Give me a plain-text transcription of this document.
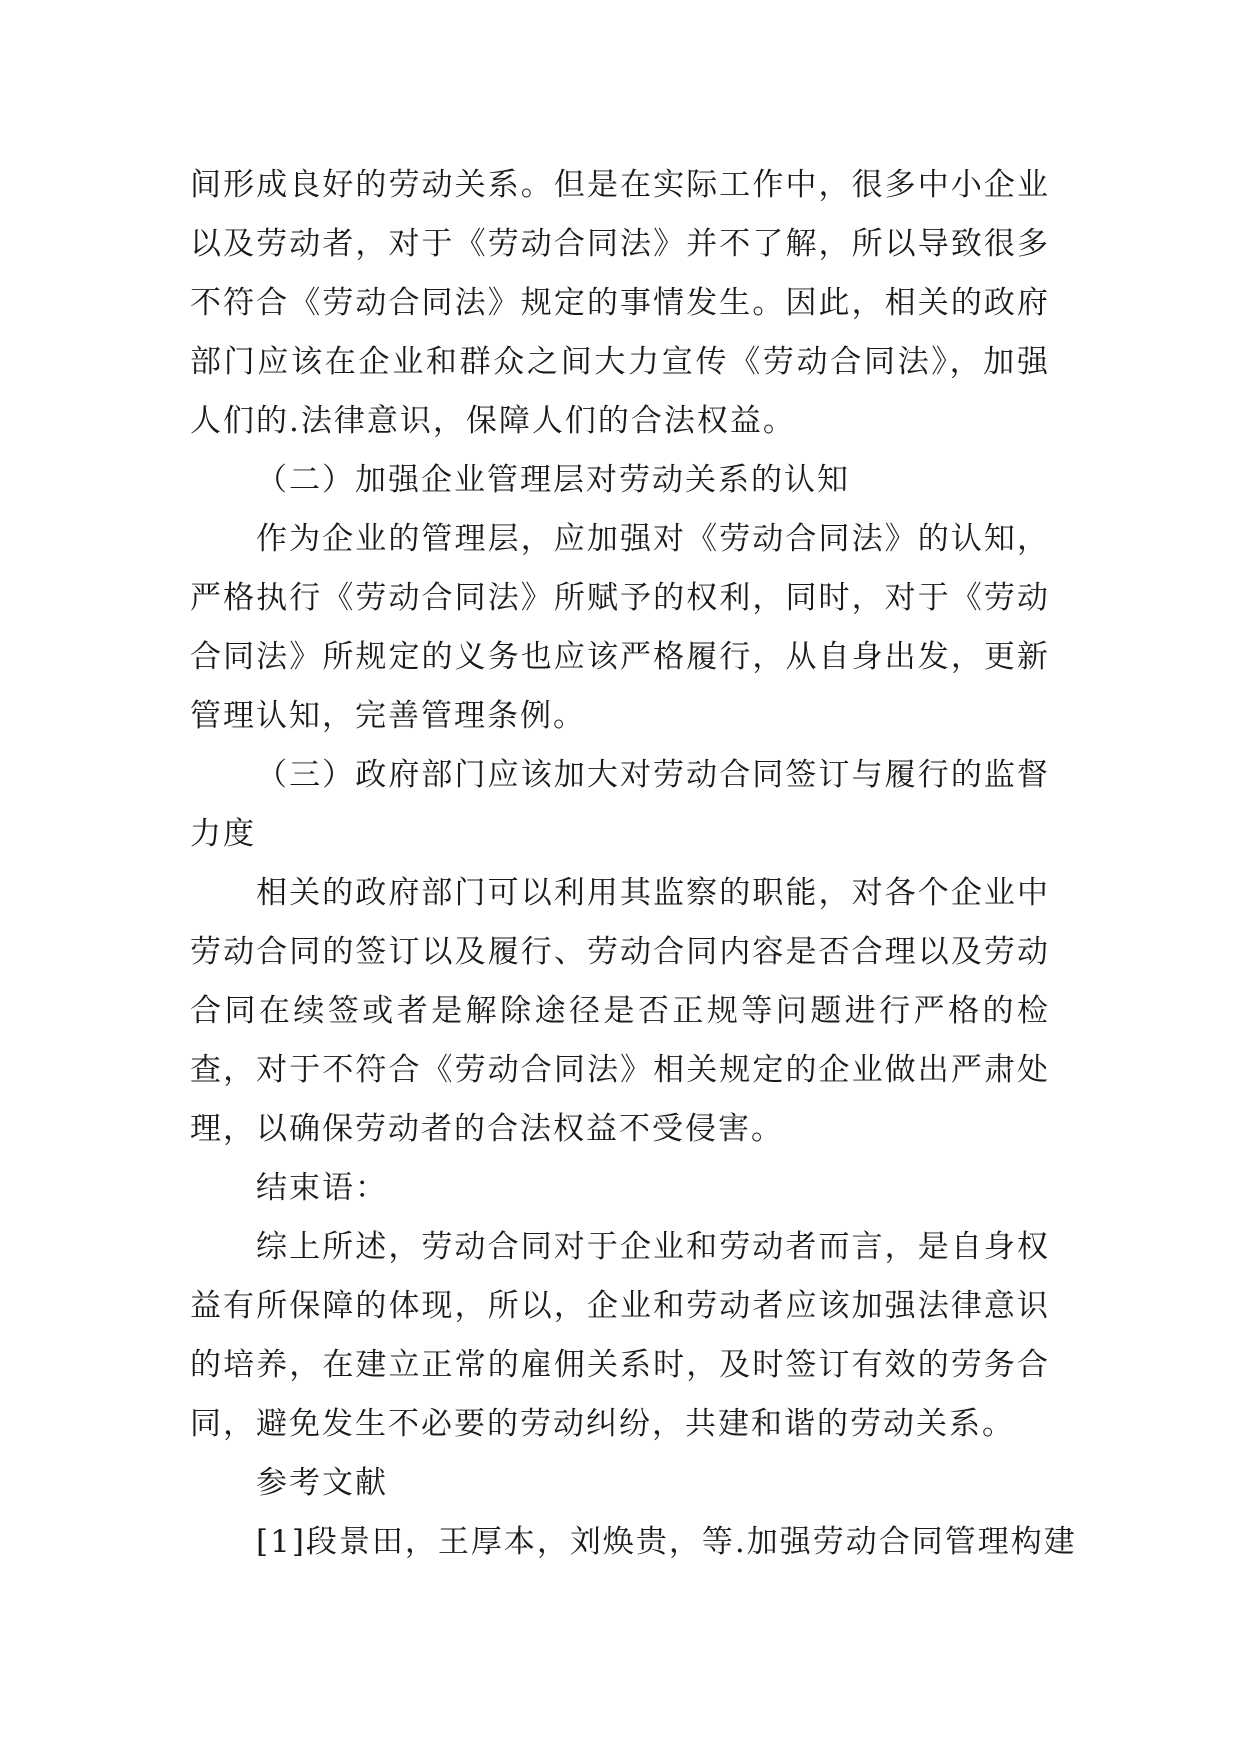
间形成良好的劳动关系。但是在实际工作中，很多中小企业
以及劳动者，对于《劳动合同法》并不了解，所以导致很多
不符合《劳动合同法》规定的事情发生。因此，相关的政府
部门应该在企业和群众之间大力宣传《劳动合同法》，加强
人们的.法律意识，保障人们的合法权益。
（二）加强企业管理层对劳动关系的认知
作为企业的管理层，应加强对《劳动合同法》的认知，
严格执行《劳动合同法》所赋予的权利，同时，对于《劳动
合同法》所规定的义务也应该严格履行，从自身出发，更新
管理认知，完善管理条例。
（三）政府部门应该加大对劳动合同签订与履行的监督
力度
相关的政府部门可以利用其监察的职能，对各个企业中
劳动合同的签订以及履行、劳动合同内容是否合理以及劳动
合同在续签或者是解除途径是否正规等问题进行严格的检
查，对于不符合《劳动合同法》相关规定的企业做出严肃处
理，以确保劳动者的合法权益不受侵害。
结束语：
综上所述，劳动合同对于企业和劳动者而言，是自身权
益有所保障的体现，所以，企业和劳动者应该加强法律意识
的培养，在建立正常的雇佣关系时，及时签订有效的劳务合
同，避免发生不必要的劳动纠纷，共建和谐的劳动关系。
参考文献
[1]段景田，王厚本，刘焕贵，等.加强劳动合同管理构建
